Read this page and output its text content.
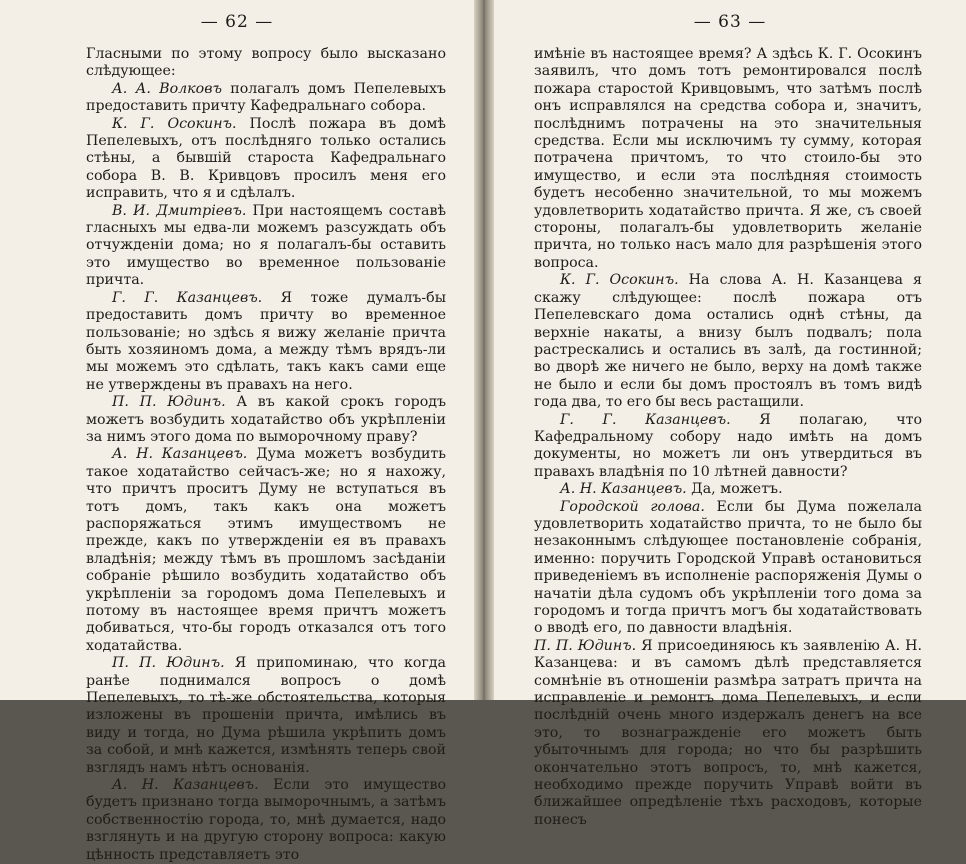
— 62 —

Гласными по этому вопросу было высказано слѣдующее:

А. А. Волковъ полагалъ домъ Пепелевыхъ предоставить причту Кафедральнаго собора.

К. Г. Осокинъ. Послѣ пожара въ домѣ Пепелевыхъ, отъ послѣдняго только остались стѣны, а бывшій староста Кафедральнаго собора В. В. Кривцовъ просилъ меня его исправить, что я и сдѣлалъ.

В. И. Дмитріевъ. При настоящемъ составѣ гласныхъ мы едва-ли можемъ разсуждать объ отчужденіи дома; но я полагалъ-бы оставить это имущество во временное пользованіе причта.

Г. Г. Казанцевъ. Я тоже думалъ-бы предоставить домъ причту во временное пользованіе; но здѣсь я вижу желаніе причта быть хозяиномъ дома, а между тѣмъ врядъ-ли мы можемъ это сдѣлать, такъ какъ сами еще не утверждены въ правахъ на него.

П. П. Юдинъ. А въ какой срокъ городъ можетъ возбудить ходатайство объ укрѣпленіи за нимъ этого дома по выморочному праву?

А. Н. Казанцевъ. Дума можетъ возбудить такое ходатайство сейчасъ-же; но я нахожу, что причтъ проситъ Думу не вступаться въ тотъ домъ, такъ какъ она можетъ распоряжаться этимъ имуществомъ не прежде, какъ по утвержденіи ея въ правахъ владѣнія; между тѣмъ въ прошломъ засѣданіи собраніе рѣшило возбудить ходатайство объ укрѣпленіи за городомъ дома Пепелевыхъ и потому въ настоящее время причтъ можетъ добиваться, что-бы городъ отказался отъ того ходатайства.

П. П. Юдинъ. Я припоминаю, что когда ранѣе поднимался вопросъ о домѣ Пепелевыхъ, то тѣ-же обстоятельства, которыя изложены въ прошеніи причта, имѣлись въ виду и тогда, но Дума рѣшила укрѣпить домъ за собой, и мнѣ кажется, измѣнять теперь свой взглядъ намъ нѣтъ основанія.

А. Н. Казанцевъ. Если это имущество будетъ признано тогда выморочнымъ, а затѣмъ собственностію города, то, мнѣ думается, надо взглянуть и на другую сторону вопроса: какую цѣнность представляетъ это

— 63 —

имѣніе въ настоящее время? А здѣсь К. Г. Осокинъ заявилъ, что домъ тотъ ремонтировался послѣ пожара старостой Кривцовымъ, что затѣмъ послѣ онъ исправлялся на средства собора и, значитъ, послѣднимъ потрачены на это значительныя средства. Если мы исключимъ ту сумму, которая потрачена причтомъ, то что стоило-бы это имущество, и если эта послѣдняя стоимость будетъ несобенно значительной, то мы можемъ удовлетворить ходатайство причта. Я же, съ своей стороны, полагалъ-бы удовлетворить желаніе причта, но только насъ мало для разрѣшенія этого вопроса.

К. Г. Осокинъ. На слова А. Н. Казанцева я скажу слѣдующее: послѣ пожара отъ Пепелевскаго дома остались однѣ стѣны, да верхніе накаты, а внизу былъ подвалъ; пола растрескались и остались въ залѣ, да гостинной; во дворѣ же ничего не было, верху на домѣ также не было и если бы домъ простоялъ въ томъ видѣ года два, то его бы весь растащили.

Г. Г. Казанцевъ. Я полагаю, что Кафедральному собору надо имѣть на домъ документы, но можетъ ли онъ утвердиться въ правахъ владѣнія по 10 лѣтней давности?

А. Н. Казанцевъ. Да, можетъ.

Городской голова. Если бы Дума пожелала удовлетворить ходатайство причта, то не было бы незаконнымъ слѣдующее постановленіе собранія, именно: поручить Городской Управѣ остановиться приведеніемъ въ исполненіе распоряженія Думы о начатіи дѣла судомъ объ укрѣпленіи того дома за городомъ и тогда причтъ могъ бы ходатайствовать о вводѣ его, по давности владѣнія.

П. П. Юдинъ. Я присоединяюсь къ заявленію А. Н. Казанцева: и въ самомъ дѣлѣ представляется сомнѣніе въ отношеніи размѣра затратъ причта на исправленіе и ремонтъ дома Пепелевыхъ, и если послѣдній очень много издержалъ денегъ на все это, то вознагражденіе его можетъ быть убыточнымъ для города; но что бы разрѣшить окончательно этотъ вопросъ, то, мнѣ кажется, необходимо прежде поручить Управѣ войти въ ближайшее опредѣленіе тѣхъ расходовъ, которые понесъ
